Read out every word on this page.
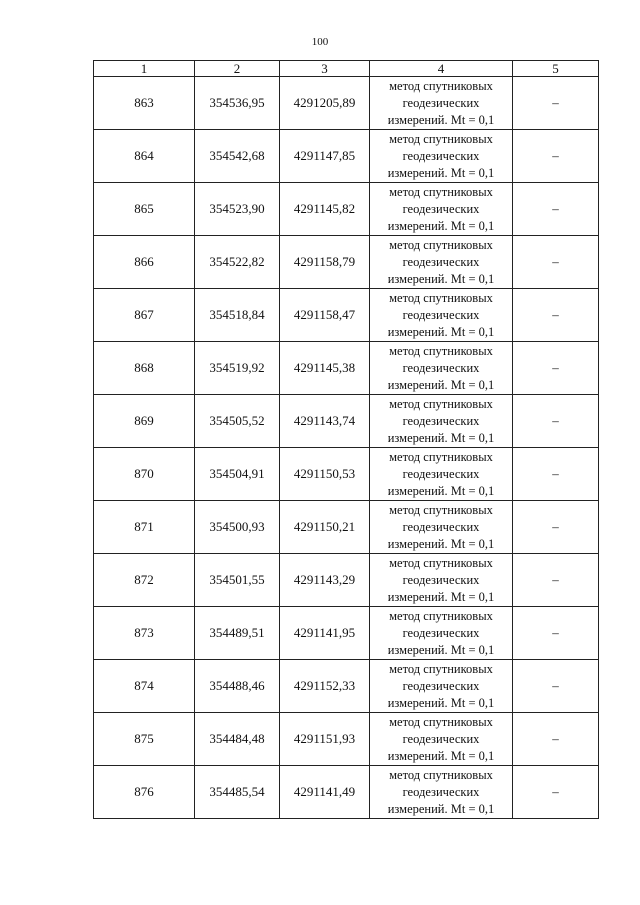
100
1	2	3	4	5
863	354536,95	4291205,89	метод спутниковых
геодезических
измерений. Mt = 0,1	–
864	354542,68	4291147,85	метод спутниковых
геодезических
измерений. Mt = 0,1	–
865	354523,90	4291145,82	метод спутниковых
геодезических
измерений. Mt = 0,1	–
866	354522,82	4291158,79	метод спутниковых
геодезических
измерений. Mt = 0,1	–
867	354518,84	4291158,47	метод спутниковых
геодезических
измерений. Mt = 0,1	–
868	354519,92	4291145,38	метод спутниковых
геодезических
измерений. Mt = 0,1	–
869	354505,52	4291143,74	метод спутниковых
геодезических
измерений. Mt = 0,1	–
870	354504,91	4291150,53	метод спутниковых
геодезических
измерений. Mt = 0,1	–
871	354500,93	4291150,21	метод спутниковых
геодезических
измерений. Mt = 0,1	–
872	354501,55	4291143,29	метод спутниковых
геодезических
измерений. Mt = 0,1	–
873	354489,51	4291141,95	метод спутниковых
геодезических
измерений. Mt = 0,1	–
874	354488,46	4291152,33	метод спутниковых
геодезических
измерений. Mt = 0,1	–
875	354484,48	4291151,93	метод спутниковых
геодезических
измерений. Mt = 0,1	–
876	354485,54	4291141,49	метод спутниковых
геодезических
измерений. Mt = 0,1	–
